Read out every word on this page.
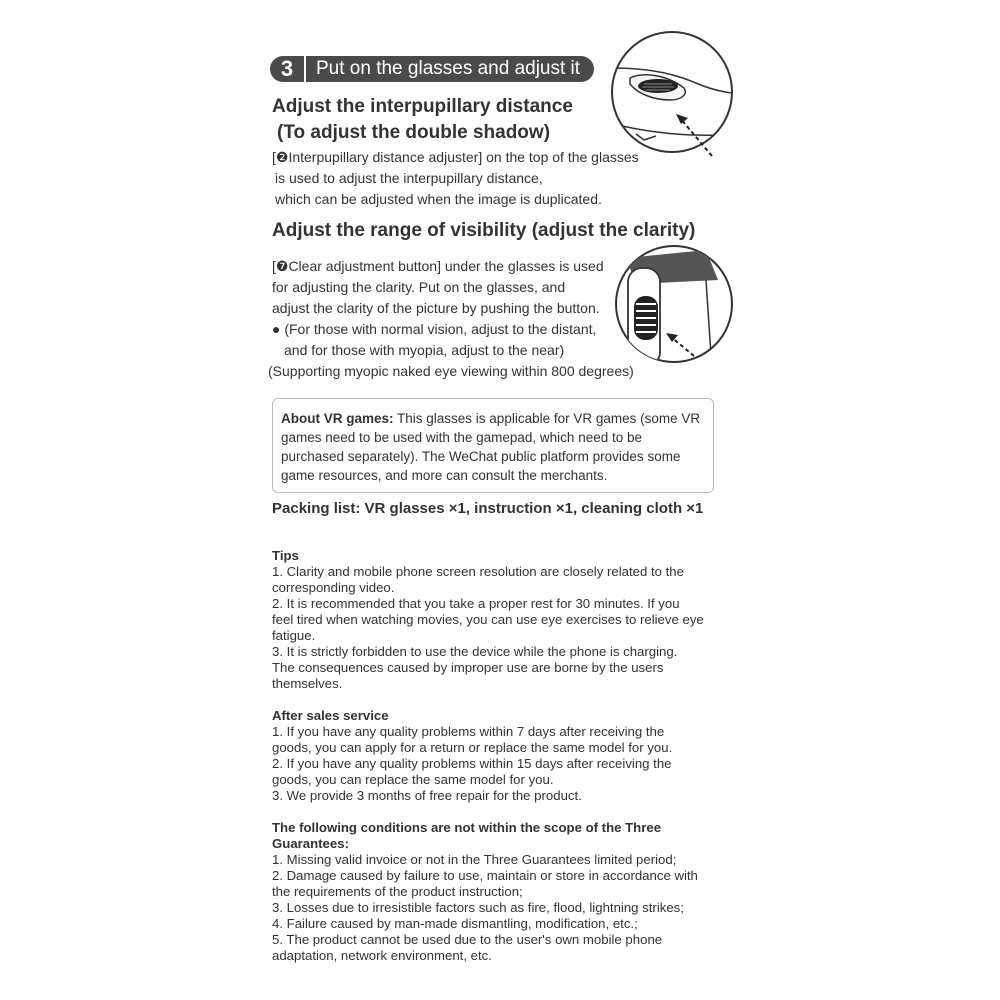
3	Put on the glasses and adjust it
Adjust the interpupillary distance
(To adjust the double shadow)
[❷Interpupillary distance adjuster] on the top of the glasses
is used to adjust the interpupillary distance,
which can be adjusted when the image is duplicated.
Adjust the range of visibility (adjust the clarity)
[❼Clear adjustment button] under the glasses is used
for adjusting the clarity. Put on the glasses, and
adjust the clarity of the picture by pushing the button.
● (For those with normal vision, adjust to the distant,
and for those with myopia, adjust to the near)
(Supporting myopic naked eye viewing within 800 degrees)
About VR games: This glasses is applicable for VR games (some VR games need to be used with the gamepad, which need to be purchased separately). The WeChat public platform provides some game resources, and more can consult the merchants.
Packing list: VR glasses ×1, instruction ×1, cleaning cloth ×1
Tips
1. Clarity and mobile phone screen resolution are closely related to the
corresponding video.
2. It is recommended that you take a proper rest for 30 minutes. If you
feel tired when watching movies, you can use eye exercises to relieve eye
fatigue.
3. It is strictly forbidden to use the device while the phone is charging.
The consequences caused by improper use are borne by the users
themselves.
After sales service
1. If you have any quality problems within 7 days after receiving the
goods, you can apply for a return or replace the same model for you.
2. If you have any quality problems within 15 days after receiving the
goods, you can replace the same model for you.
3. We provide 3 months of free repair for the product.
The following conditions are not within the scope of the Three
Guarantees:
1. Missing valid invoice or not in the Three Guarantees limited period;
2. Damage caused by failure to use, maintain or store in accordance with
the requirements of the product instruction;
3. Losses due to irresistible factors such as fire, flood, lightning strikes;
4. Failure caused by man-made dismantling, modification, etc.;
5. The product cannot be used due to the user's own mobile phone
adaptation, network environment, etc.
